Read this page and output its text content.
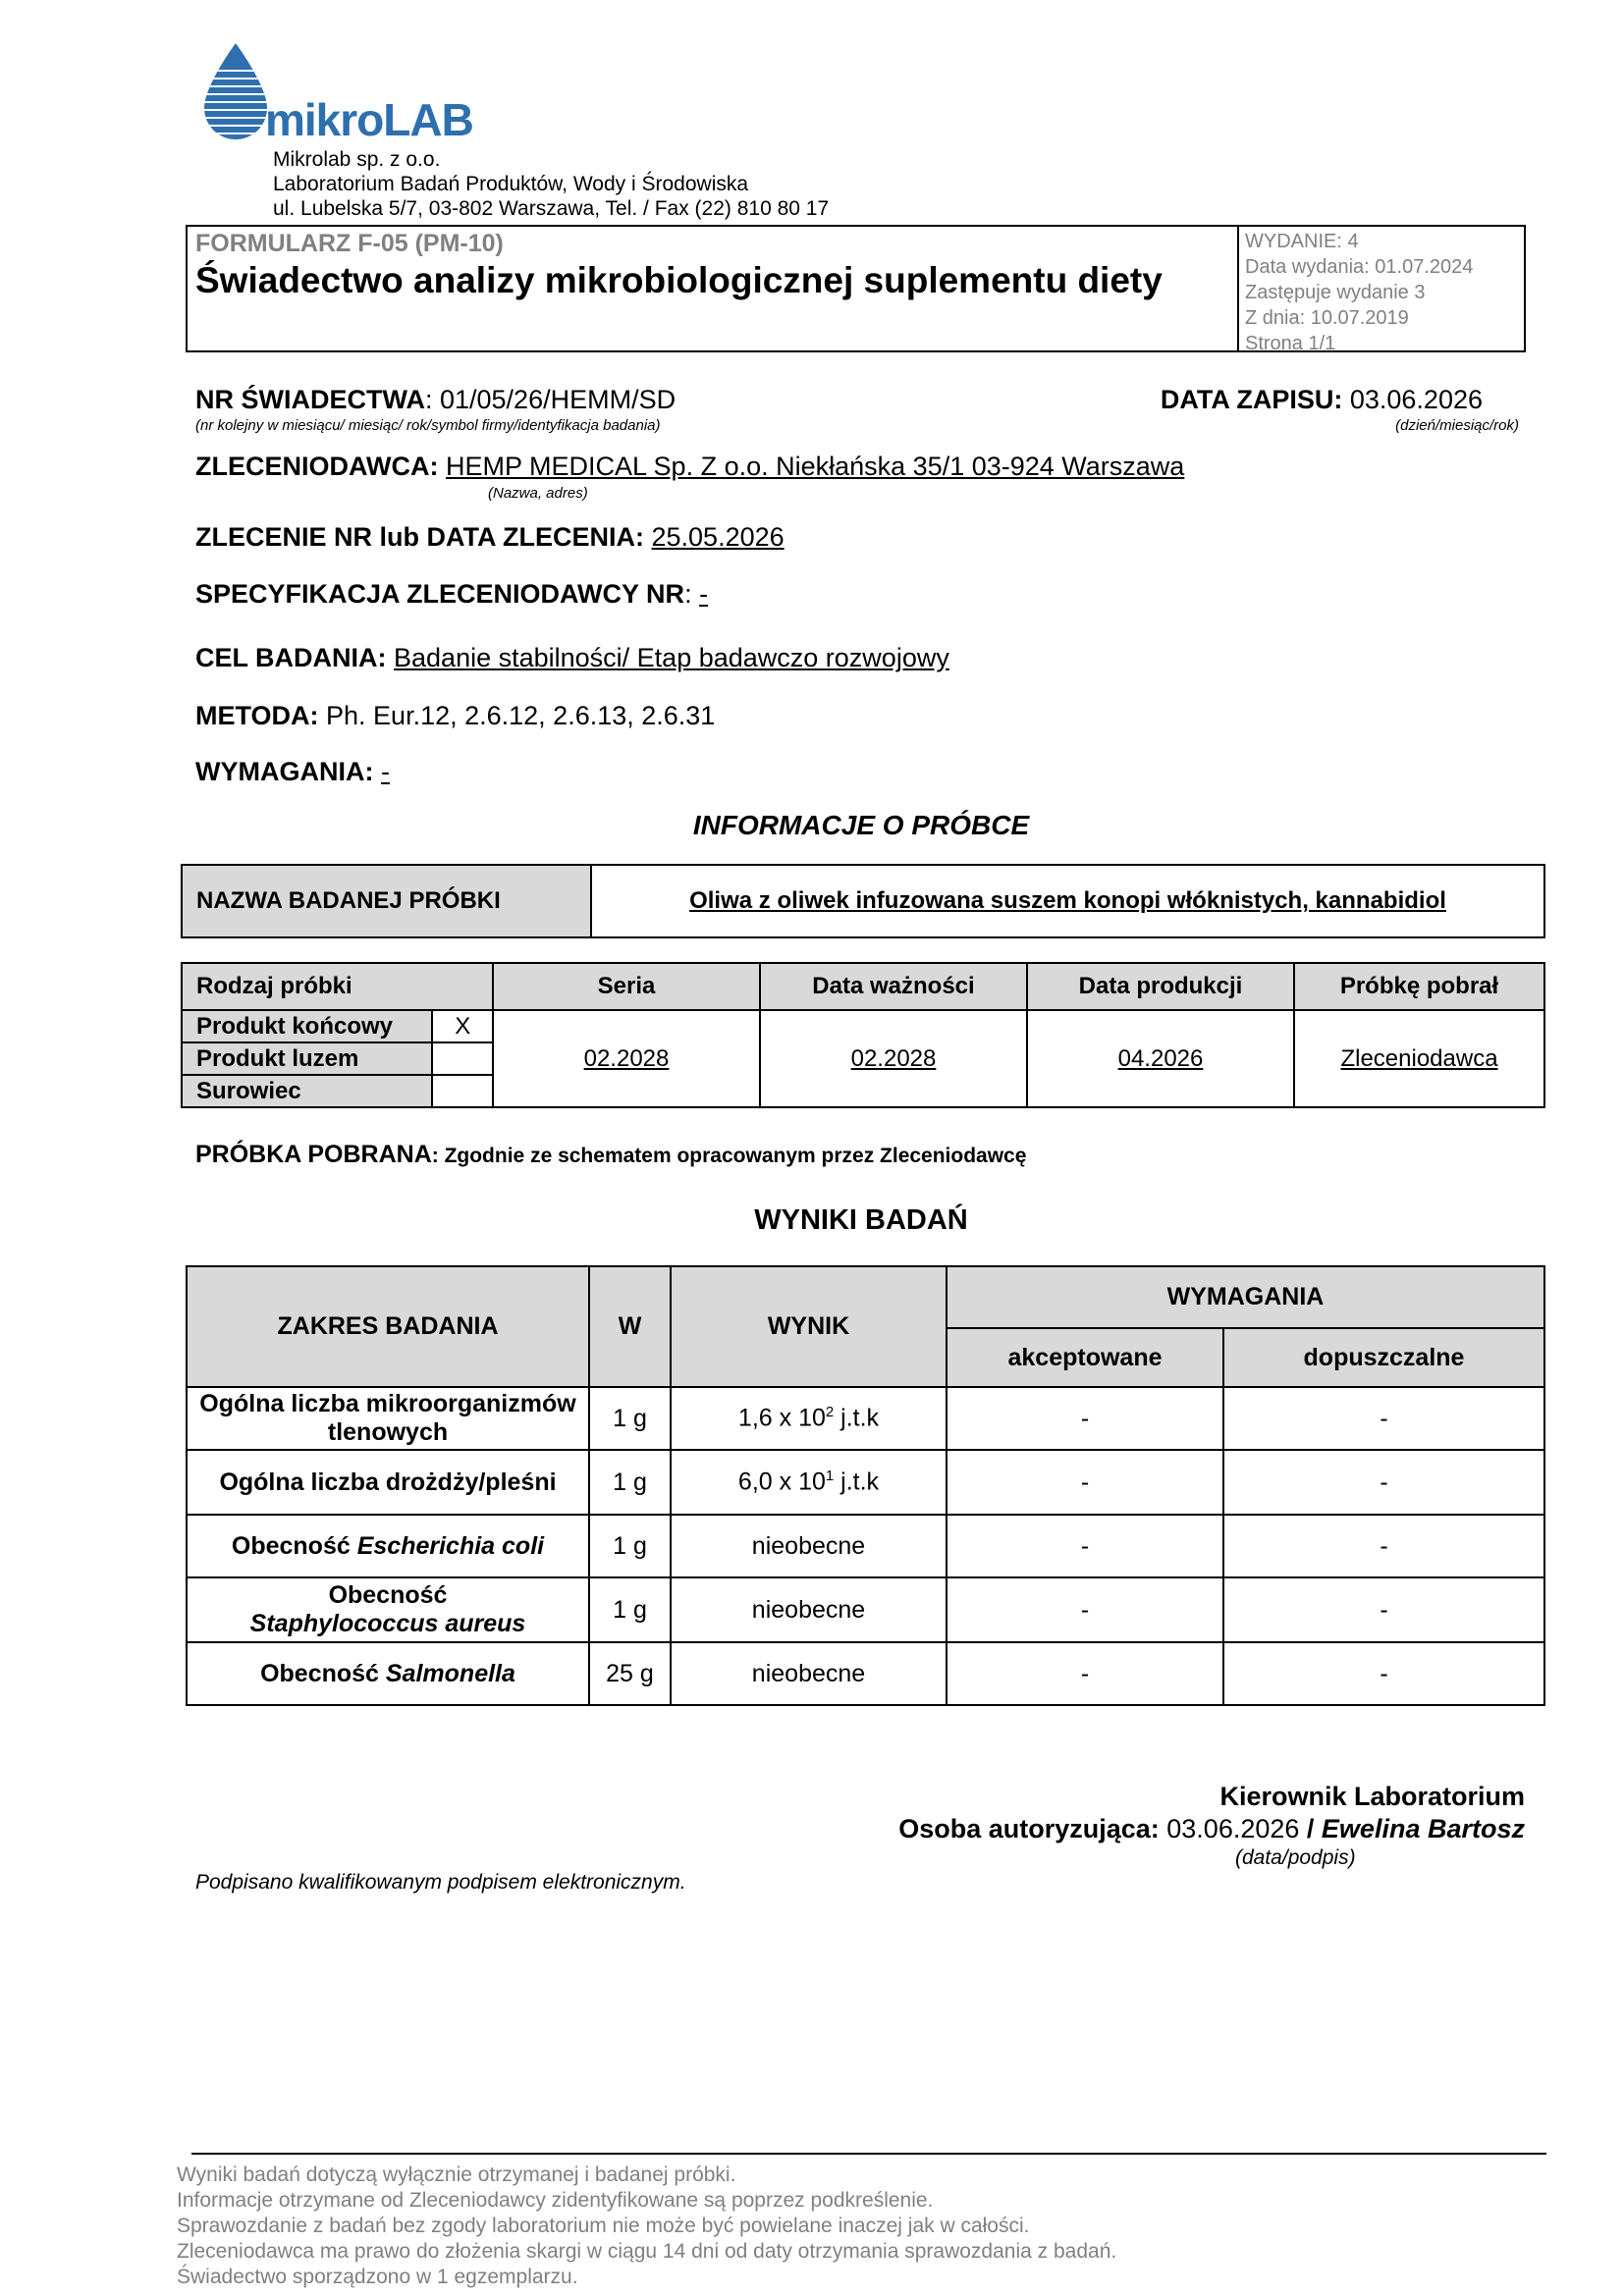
mikroLAB
Mikrolab sp. z o.o.
Laboratorium Badań Produktów, Wody i Środowiska
ul. Lubelska 5/7, 03-802 Warszawa, Tel. / Fax (22) 810 80 17
FORMULARZ F-05 (PM-10)
Świadectwo analizy mikrobiologicznej suplementu diety
WYDANIE: 4
Data wydania: 01.07.2024
Zastępuje wydanie 3
Z dnia: 10.07.2019
Strona 1/1
NR ŚWIADECTWA: 01/05/26/HEMM/SD
(nr kolejny w miesiącu/ miesiąc/ rok/symbol firmy/identyfikacja badania)
DATA ZAPISU: 03.06.2026
(dzień/miesiąc/rok)
ZLECENIODAWCA: HEMP MEDICAL Sp. Z o.o. Niekłańska 35/1 03-924 Warszawa
(Nazwa, adres)
ZLECENIE NR lub DATA ZLECENIA: 25.05.2026
SPECYFIKACJA ZLECENIODAWCY NR: -
CEL BADANIA: Badanie stabilności/ Etap badawczo rozwojowy
METODA: Ph. Eur.12, 2.6.12, 2.6.13, 2.6.31
WYMAGANIA: -
INFORMACJE O PRÓBCE
NAZWA BADANEJ PRÓBKI	Oliwa z oliwek infuzowana suszem konopi włóknistych, kannabidiol
Rodzaj próbki		Seria	Data ważności	Data produkcji	Próbkę pobrał
Produkt końcowy	X	02.2028	02.2028	04.2026	Zleceniodawca
Produkt luzem					
Surowiec					
PRÓBKA POBRANA: Zgodnie ze schematem opracowanym przez Zleceniodawcę
WYNIKI BADAŃ
ZAKRES BADANIA	W	WYNIK	WYMAGANIA	
			akceptowane	dopuszczalne
Ogólna liczba mikroorganizmów
tlenowych	1 g	1,6 x $10^2$ j.t.k	-	-
Ogólna liczba drożdży/pleśni	1 g	6,0 x $10^1$ j.t.k	-	-
Obecność Escherichia coli	1 g	nieobecne	-	-
Obecność
Staphylococcus aureus	1 g	nieobecne	-	-
Obecność Salmonella	25 g	nieobecne	-	-
Kierownik Laboratorium
Osoba autoryzująca: 03.06.2026 / Ewelina Bartosz
(data/podpis)
Podpisano kwalifikowanym podpisem elektronicznym.
Wyniki badań dotyczą wyłącznie otrzymanej i badanej próbki.
Informacje otrzymane od Zleceniodawcy zidentyfikowane są poprzez podkreślenie.
Sprawozdanie z badań bez zgody laboratorium nie może być powielane inaczej jak w całości.
Zleceniodawca ma prawo do złożenia skargi w ciągu 14 dni od daty otrzymania sprawozdania z badań.
Świadectwo sporządzono w 1 egzemplarzu.
